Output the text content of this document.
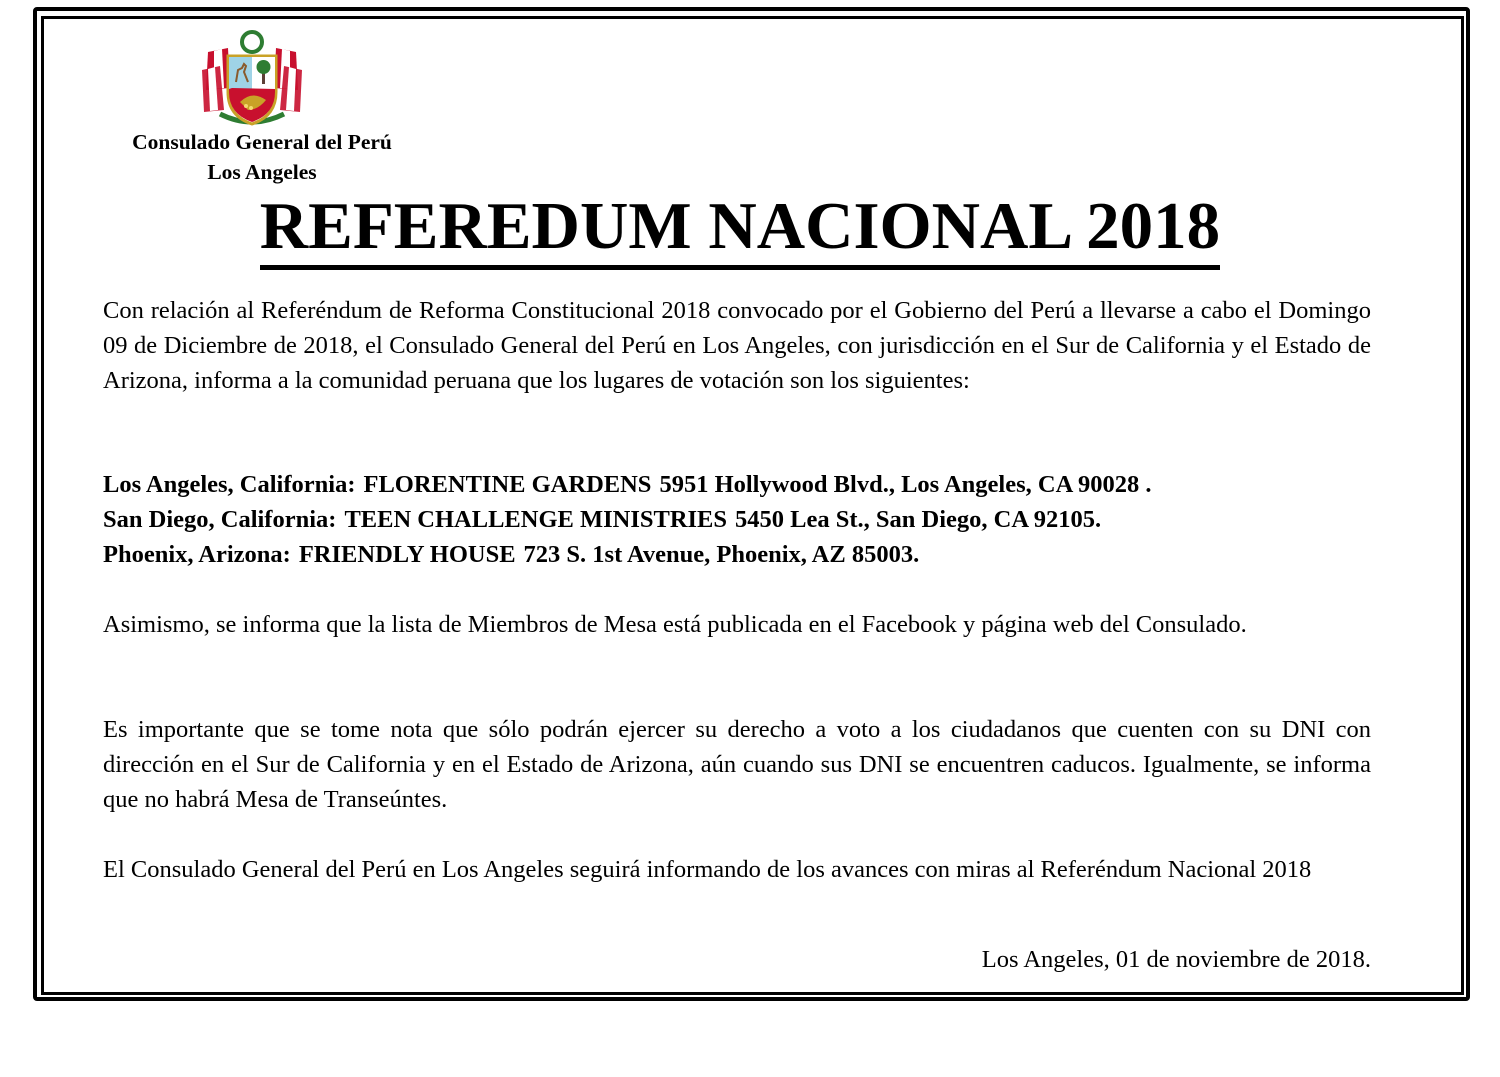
Consulado General del Perú
Los Angeles
REFEREDUM NACIONAL 2018

Con relación al Referéndum de Reforma Constitucional 2018 convocado por el Gobierno del Perú a llevarse a cabo el Domingo 09 de Diciembre de 2018, el Consulado General del Perú en Los Angeles, con jurisdicción en el Sur de California y el Estado de Arizona, informa a la comunidad peruana que los lugares de votación son los siguientes:

Los Angeles, California: FLORENTINE GARDENS 5951 Hollywood Blvd., Los Angeles, CA 90028 .

San Diego, California: TEEN CHALLENGE MINISTRIES 5450 Lea St., San Diego, CA 92105.

Phoenix, Arizona: FRIENDLY HOUSE 723 S. 1st Avenue, Phoenix, AZ 85003.

Asimismo, se informa que la lista de Miembros de Mesa está publicada en el Facebook y página web del Consulado.

Es importante que se tome nota que sólo podrán ejercer su derecho a voto a los ciudadanos que cuenten con su DNI con dirección en el Sur de California y en el Estado de Arizona, aún cuando sus DNI se encuentren caducos. Igualmente, se informa que no habrá Mesa de Transeúntes.

El Consulado General del Perú en Los Angeles seguirá informando de los avances con miras al Referéndum Nacional 2018

Los Angeles, 01 de noviembre de 2018.
